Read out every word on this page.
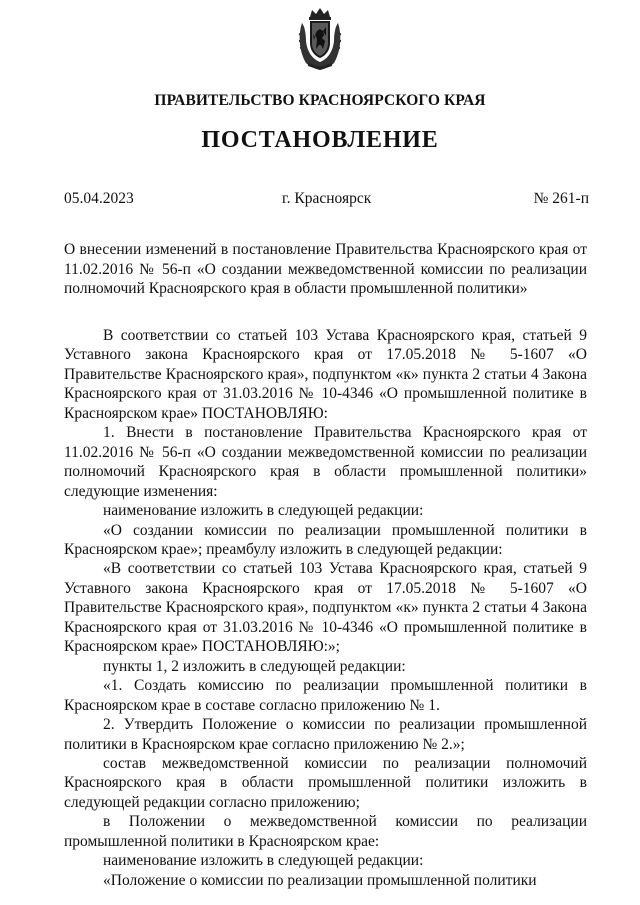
ПРАВИТЕЛЬСТВО КРАСНОЯРСКОГО КРАЯ
ПОСТАНОВЛЕНИЕ
05.04.2023	г. Красноярск	№ 261-п
О внесении изменений в постановление Правительства Красноярского края от 11.02.2016 № 56-п «О создании межведомственной комиссии по реализации полномочий Красноярского края в области промышленной политики»

В соответствии со статьей 103 Устава Красноярского края, статьей 9 Уставного закона Красноярского края от 17.05.2018 № 5-1607 «О Правительстве Красноярского края», подпунктом «к» пункта 2 статьи 4 Закона Красноярского края от 31.03.2016 № 10-4346 «О промышленной политике в Красноярском крае» ПОСТАНОВЛЯЮ:

1. Внести в постановление Правительства Красноярского края от 11.02.2016 № 56-п «О создании межведомственной комиссии по реализации полномочий Красноярского края в области промышленной политики» следующие изменения:

наименование изложить в следующей редакции:

«О создании комиссии по реализации промышленной политики в Красноярском крае»; преамбулу изложить в следующей редакции:

«В соответствии со статьей 103 Устава Красноярского края, статьей 9 Уставного закона Красноярского края от 17.05.2018 № 5-1607 «О Правительстве Красноярского края», подпунктом «к» пункта 2 статьи 4 Закона Красноярского края от 31.03.2016 № 10-4346 «О промышленной политике в Красноярском крае» ПОСТАНОВЛЯЮ:»;

пункты 1, 2 изложить в следующей редакции:

«1. Создать комиссию по реализации промышленной политики в Красноярском крае в составе согласно приложению № 1.

2. Утвердить Положение о комиссии по реализации промышленной политики в Красноярском крае согласно приложению № 2.»;

состав межведомственной комиссии по реализации полномочий Красноярского края в области промышленной политики изложить в следующей редакции согласно приложению;

в Положении о межведомственной комиссии по реализации промышленной политики в Красноярском крае:

наименование изложить в следующей редакции:

«Положение о комиссии по реализации промышленной политики
